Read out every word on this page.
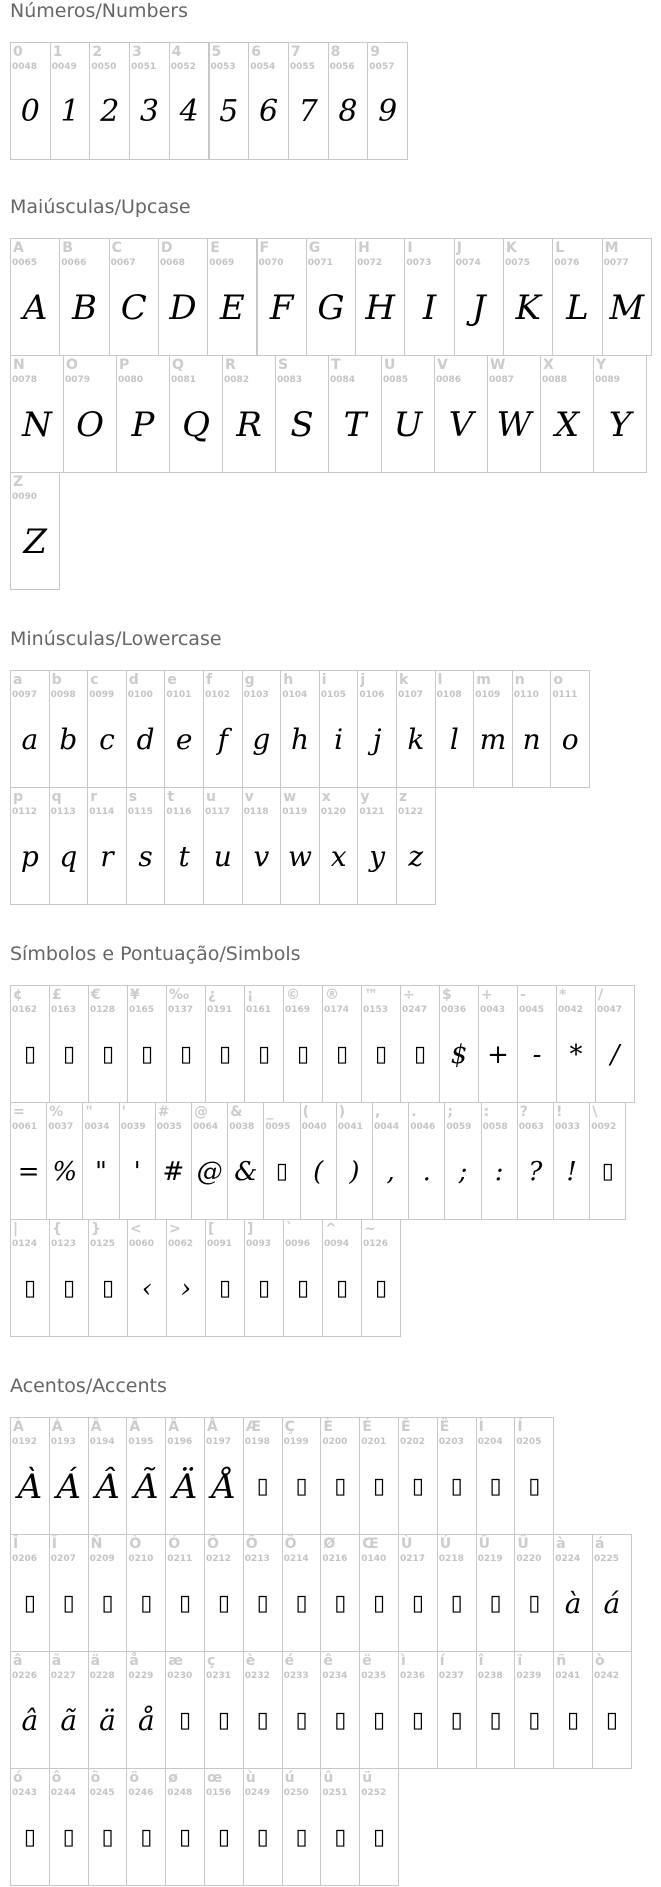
Números/Numbers
0
0048
0
1
0049
1
2
0050
2
3
0051
3
4
0052
4
5
0053
5
6
0054
6
7
0055
7
8
0056
8
9
0057
9
Maiúsculas/Upcase
A
0065
A
B
0066
B
C
0067
C
D
0068
D
E
0069
E
F
0070
F
G
0071
G
H
0072
H
I
0073
I
J
0074
J
K
0075
K
L
0076
L
M
0077
M
N
0078
N
O
0079
O
P
0080
P
Q
0081
Q
R
0082
R
S
0083
S
T
0084
T
U
0085
U
V
0086
V
W
0087
W
X
0088
X
Y
0089
Y
Z
0090
Z
Minúsculas/Lowercase
a
0097
a
b
0098
b
c
0099
c
d
0100
d
e
0101
e
f
0102
f
g
0103
g
h
0104
h
i
0105
i
j
0106
j
k
0107
k
l
0108
l
m
0109
m
n
0110
n
o
0111
o
p
0112
p
q
0113
q
r
0114
r
s
0115
s
t
0116
t
u
0117
u
v
0118
v
w
0119
w
x
0120
x
y
0121
y
z
0122
z
Símbolos e Pontuação/Simbols
¢
0162
▯
£
0163
▯
€
0128
▯
¥
0165
▯
‰
0137
▯
¿
0191
▯
¡
0161
▯
©
0169
▯
®
0174
▯
™
0153
▯
÷
0247
▯
$
0036
$
+
0043
+
-
0045
-
*
0042
*
/
0047
/
=
0061
=
%
0037
%
"
0034
"
'
0039
'
#
0035
#
@
0064
@
&
0038
&
_
0095
▯
(
0040
(
)
0041
)
,
0044
,
.
0046
.
;
0059
;
:
0058
:
?
0063
?
!
0033
!
\
0092
▯
|
0124
▯
{
0123
▯
}
0125
▯
<
0060
‹
>
0062
›
[
0091
▯
]
0093
▯
`
0096
▯
^
0094
▯
~
0126
▯
Acentos/Accents
À
0192
À
Á
0193
Á
Â
0194
Â
Ã
0195
Ã
Ä
0196
Ä
Å
0197
Å
Æ
0198
▯
Ç
0199
▯
È
0200
▯
É
0201
▯
Ê
0202
▯
Ë
0203
▯
Ì
0204
▯
Í
0205
▯
Î
0206
▯
Ï
0207
▯
Ñ
0209
▯
Ò
0210
▯
Ó
0211
▯
Ô
0212
▯
Õ
0213
▯
Ö
0214
▯
Ø
0216
▯
Œ
0140
▯
Ù
0217
▯
Ú
0218
▯
Û
0219
▯
Ü
0220
▯
à
0224
à
á
0225
á
â
0226
â
ã
0227
ã
ä
0228
ä
å
0229
å
æ
0230
▯
ç
0231
▯
è
0232
▯
é
0233
▯
ê
0234
▯
ë
0235
▯
ì
0236
▯
í
0237
▯
î
0238
▯
ï
0239
▯
ñ
0241
▯
ò
0242
▯
ó
0243
▯
ô
0244
▯
õ
0245
▯
ö
0246
▯
ø
0248
▯
œ
0156
▯
ù
0249
▯
ú
0250
▯
û
0251
▯
ü
0252
▯
